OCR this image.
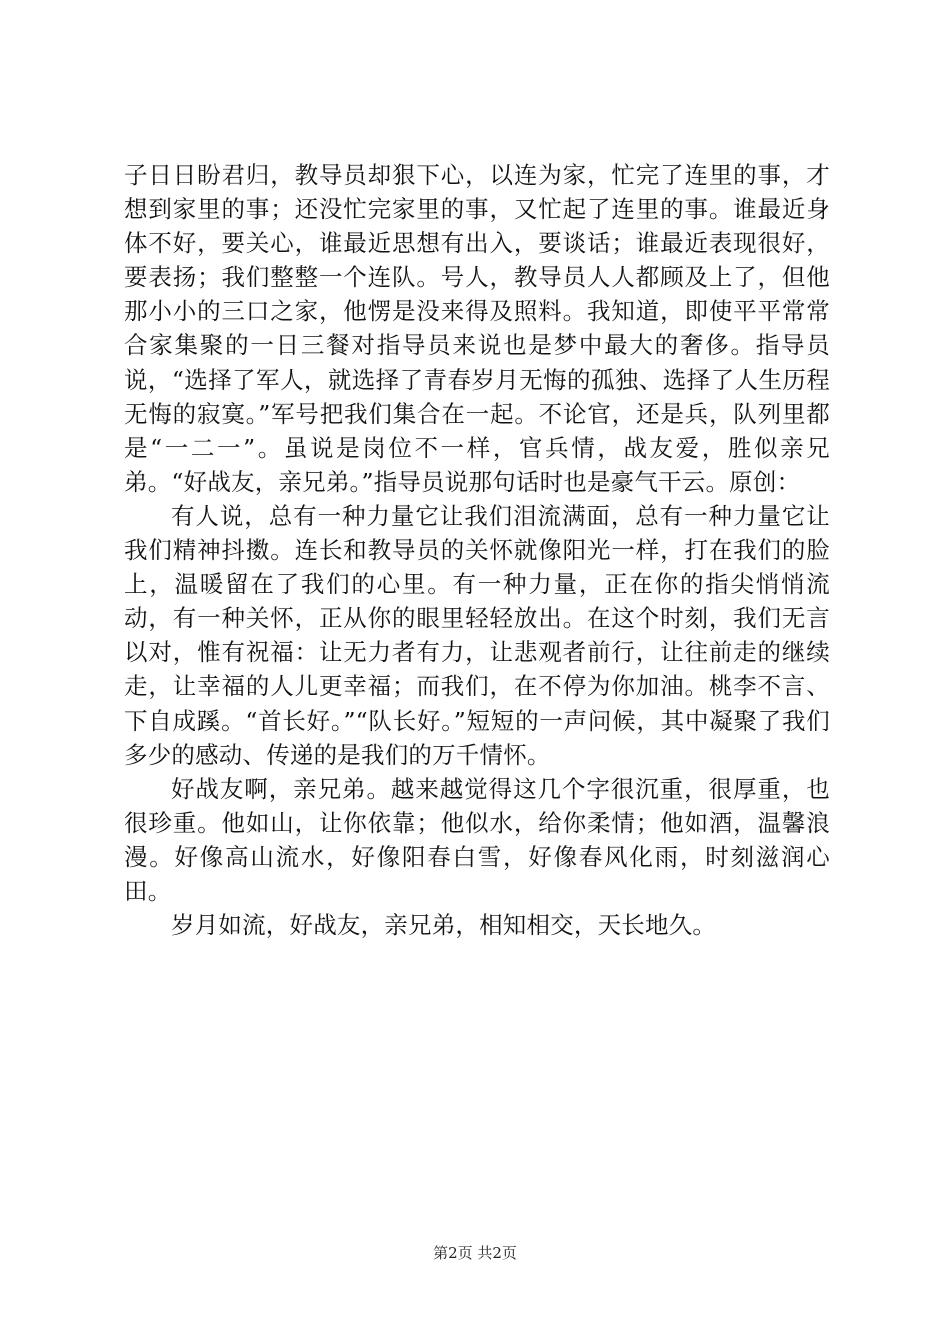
子日日盼君归，教导员却狠下心，以连为家，忙完了连里的事，才想到家里的事；还没忙完家里的事，又忙起了连里的事。谁最近身体不好，要关心，谁最近思想有出入，要谈话；谁最近表现很好，要表扬；我们整整一个连队。号人，教导员人人都顾及上了，但他那小小的三口之家，他愣是没来得及照料。我知道，即使平平常常合家集聚的一日三餐对指导员来说也是梦中最大的奢侈。指导员说，“选择了军人，就选择了青春岁月无悔的孤独、选择了人生历程无悔的寂寞。”军号把我们集合在一起。不论官，还是兵，队列里都是“一二一”。虽说是岗位不一样，官兵情，战友爱，胜似亲兄弟。“好战友，亲兄弟。”指导员说那句话时也是豪气干云。原创：

有人说，总有一种力量它让我们泪流满面，总有一种力量它让我们精神抖擞。连长和教导员的关怀就像阳光一样，打在我们的脸上，温暖留在了我们的心里。有一种力量，正在你的指尖悄悄流动，有一种关怀，正从你的眼里轻轻放出。在这个时刻，我们无言以对，惟有祝福：让无力者有力，让悲观者前行，让往前走的继续走，让幸福的人儿更幸福；而我们，在不停为你加油。桃李不言、下自成蹊。“首长好。”“队长好。”短短的一声问候，其中凝聚了我们多少的感动、传递的是我们的万千情怀。

好战友啊，亲兄弟。越来越觉得这几个字很沉重，很厚重，也很珍重。他如山，让你依靠；他似水，给你柔情；他如酒，温馨浪漫。好像高山流水，好像阳春白雪，好像春风化雨，时刻滋润心田。

岁月如流，好战友，亲兄弟，相知相交，天长地久。

第2页 共2页
